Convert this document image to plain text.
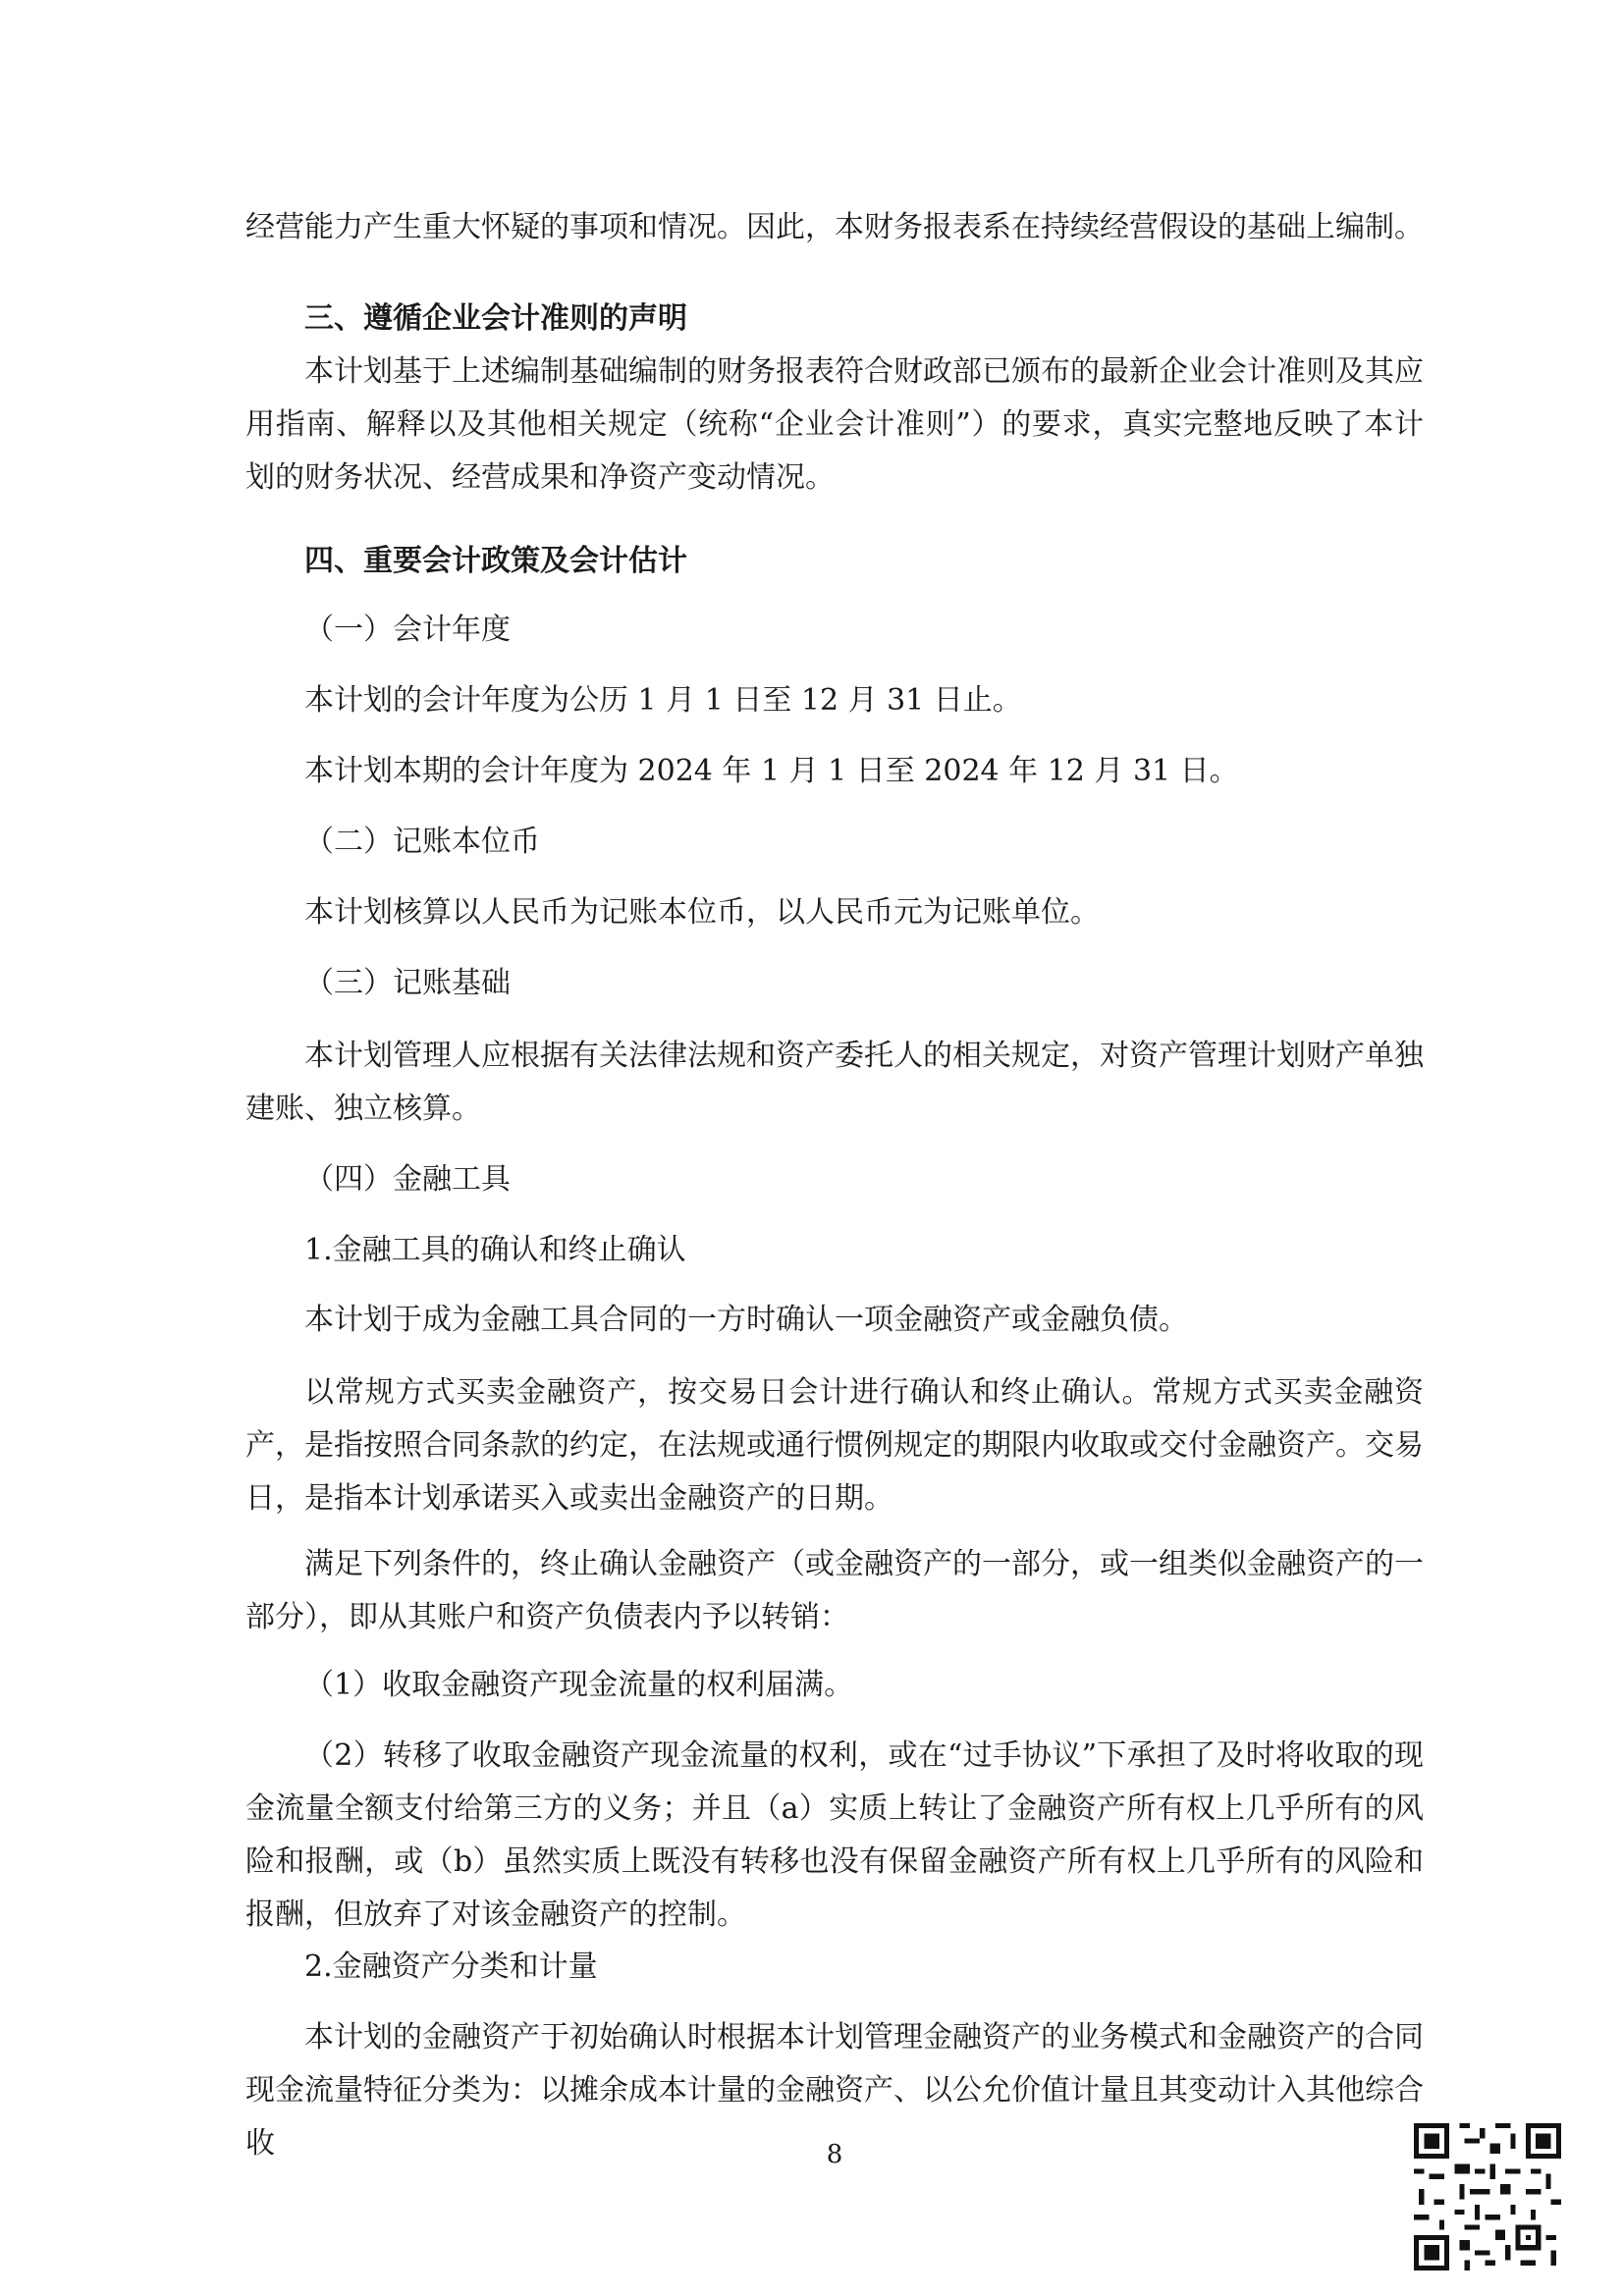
经营能力产生重大怀疑的事项和情况。因此，本财务报表系在持续经营假设的基础上编制。

三、遵循企业会计准则的声明

本计划基于上述编制基础编制的财务报表符合财政部已颁布的最新企业会计准则及其应用指南、解释以及其他相关规定（统称“企业会计准则”）的要求，真实完整地反映了本计划的财务状况、经营成果和净资产变动情况。

四、重要会计政策及会计估计

（一）会计年度

本计划的会计年度为公历 1 月 1 日至 12 月 31 日止。

本计划本期的会计年度为 2024 年 1 月 1 日至 2024 年 12 月 31 日。

（二）记账本位币

本计划核算以人民币为记账本位币，以人民币元为记账单位。

（三）记账基础

本计划管理人应根据有关法律法规和资产委托人的相关规定，对资产管理计划财产单独建账、独立核算。

（四）金融工具

1.金融工具的确认和终止确认

本计划于成为金融工具合同的一方时确认一项金融资产或金融负债。

以常规方式买卖金融资产，按交易日会计进行确认和终止确认。常规方式买卖金融资产，是指按照合同条款的约定，在法规或通行惯例规定的期限内收取或交付金融资产。交易日，是指本计划承诺买入或卖出金融资产的日期。

满足下列条件的，终止确认金融资产（或金融资产的一部分，或一组类似金融资产的一部分），即从其账户和资产负债表内予以转销：

（1）收取金融资产现金流量的权利届满。

（2）转移了收取金融资产现金流量的权利，或在“过手协议”下承担了及时将收取的现金流量全额支付给第三方的义务；并且（a）实质上转让了金融资产所有权上几乎所有的风险和报酬，或（b）虽然实质上既没有转移也没有保留金融资产所有权上几乎所有的风险和报酬，但放弃了对该金融资产的控制。

2.金融资产分类和计量

本计划的金融资产于初始确认时根据本计划管理金融资产的业务模式和金融资产的合同现金流量特征分类为：以摊余成本计量的金融资产、以公允价值计量且其变动计入其他综合收	8
